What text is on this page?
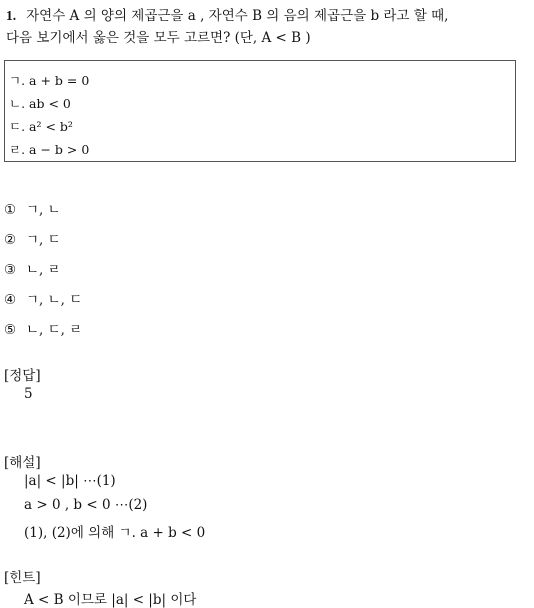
1. 자연수 A 의 양의 제곱근을 a , 자연수 B 의 음의 제곱근을 b 라고 할 때,
다음 보기에서 옳은 것을 모두 고르면? (단, A < B )
ㄱ. a + b = 0
ㄴ. ab < 0
ㄷ. a² < b²
ㄹ. a − b > 0
① ㄱ, ㄴ
② ㄱ, ㄷ
③ ㄴ, ㄹ
④ ㄱ, ㄴ, ㄷ
⑤ ㄴ, ㄷ, ㄹ
[정답]
5
[해설]
|a| < |b| ⋯(1)
a > 0 , b < 0 ⋯(2)
(1), (2)에 의해 ㄱ. a + b < 0
[힌트]
A < B 이므로 |a| < |b| 이다
